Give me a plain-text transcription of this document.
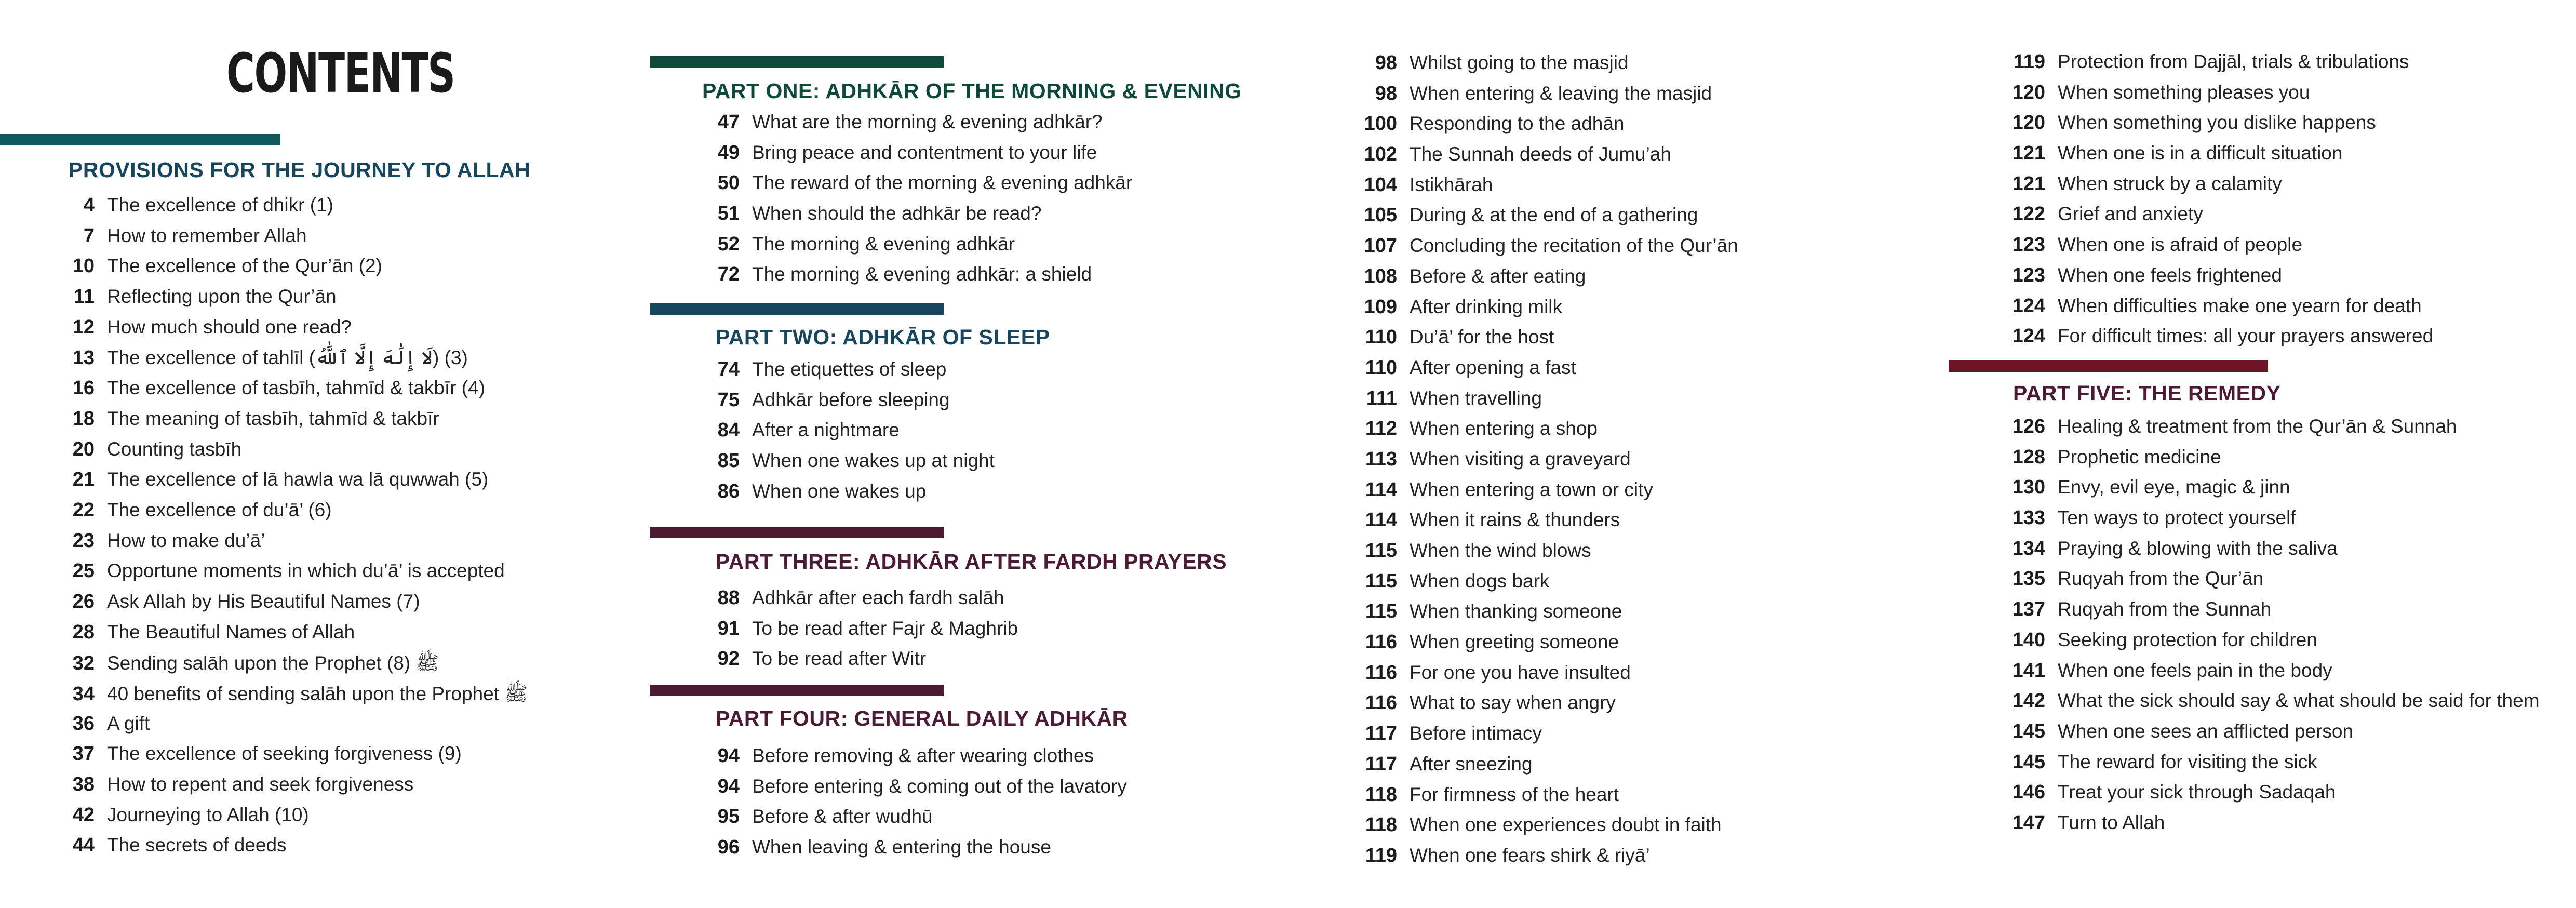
CONTENTS
PROVISIONS FOR THE JOURNEY TO ALLAH
4 The excellence of dhikr (1)
7 How to remember Allah
10 The excellence of the Qur’ān (2)
11 Reflecting upon the Qur’ān
12 How much should one read?
13 The excellence of tahlīl (لَا إِلَٰهَ إِلَّا ٱللَّٰهُ) (3)
16 The excellence of tasbīh, tahmīd & takbīr (4)
18 The meaning of tasbīh, tahmīd & takbīr
20 Counting tasbīh
21 The excellence of lā hawla wa lā quwwah (5)
22 The excellence of du’ā’ (6)
23 How to make du’ā’
25 Opportune moments in which du’ā’ is accepted
26 Ask Allah by His Beautiful Names (7)
28 The Beautiful Names of Allah
32 Sending salāh upon the Prophet ﷺ (8)
34 40 benefits of sending salāh upon the Prophet ﷺ
36 A gift
37 The excellence of seeking forgiveness (9)
38 How to repent and seek forgiveness
42 Journeying to Allah (10)
44 The secrets of deeds
PART ONE: ADHKĀR OF THE MORNING & EVENING
47 What are the morning & evening adhkār?
49 Bring peace and contentment to your life
50 The reward of the morning & evening adhkār
51 When should the adhkār be read?
52 The morning & evening adhkār
72 The morning & evening adhkār: a shield
PART TWO: ADHKĀR OF SLEEP
74 The etiquettes of sleep
75 Adhkār before sleeping
84 After a nightmare
85 When one wakes up at night
86 When one wakes up
PART THREE: ADHKĀR AFTER FARDH PRAYERS
88 Adhkār after each fardh salāh
91 To be read after Fajr & Maghrib
92 To be read after Witr
PART FOUR: GENERAL DAILY ADHKĀR
94 Before removing & after wearing clothes
94 Before entering & coming out of the lavatory
95 Before & after wudhū
96 When leaving & entering the house
98 Whilst going to the masjid
98 When entering & leaving the masjid
100 Responding to the adhān
102 The Sunnah deeds of Jumu’ah
104 Istikhārah
105 During & at the end of a gathering
107 Concluding the recitation of the Qur’ān
108 Before & after eating
109 After drinking milk
110 Du’ā’ for the host
110 After opening a fast
111 When travelling
112 When entering a shop
113 When visiting a graveyard
114 When entering a town or city
114 When it rains & thunders
115 When the wind blows
115 When dogs bark
115 When thanking someone
116 When greeting someone
116 For one you have insulted
116 What to say when angry
117 Before intimacy
117 After sneezing
118 For firmness of the heart
118 When one experiences doubt in faith
119 When one fears shirk & riyā’
119 Protection from Dajjāl, trials & tribulations
120 When something pleases you
120 When something you dislike happens
121 When one is in a difficult situation
121 When struck by a calamity
122 Grief and anxiety
123 When one is afraid of people
123 When one feels frightened
124 When difficulties make one yearn for death
124 For difficult times: all your prayers answered
PART FIVE: THE REMEDY
126 Healing & treatment from the Qur’ān & Sunnah
128 Prophetic medicine
130 Envy, evil eye, magic & jinn
133 Ten ways to protect yourself
134 Praying & blowing with the saliva
135 Ruqyah from the Qur’ān
137 Ruqyah from the Sunnah
140 Seeking protection for children
141 When one feels pain in the body
142 What the sick should say & what should be said for them
145 When one sees an afflicted person
145 The reward for visiting the sick
146 Treat your sick through Sadaqah
147 Turn to Allah
